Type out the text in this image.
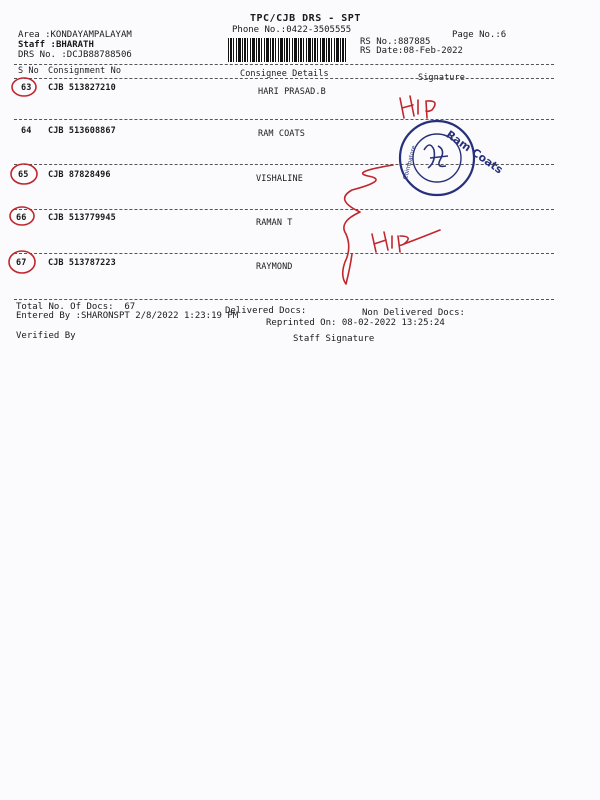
TPC/CJB DRS - SPT
Phone No.:0422-3505555
Area :KONDAYAMPALAYAM
Staff :BHARATH
DRS No. :DCJB8878850б
Page No.:6
RS No.:887885
RS Date:08-Feb-2022
S No Consignment No	Consignee Details	Signature
63 CJB 513827210	HARI PRASAD.B
64 CJB 513608867	RAM COATS
65 CJB 87828496	VISHALINE
66	CJB 513779945	RAMAN T
67	CJB 513787223	RAYMOND
Total No. Of Docs: 67	Delivered Docs:	Non Delivered Docs:
Entered By :SHARONSPT 2/8/2022 1:23:19 PM
Reprinted On: 08-02-2022 13:25:24
Verified By	Staff Signature
Ram Coats
Coimbatore
